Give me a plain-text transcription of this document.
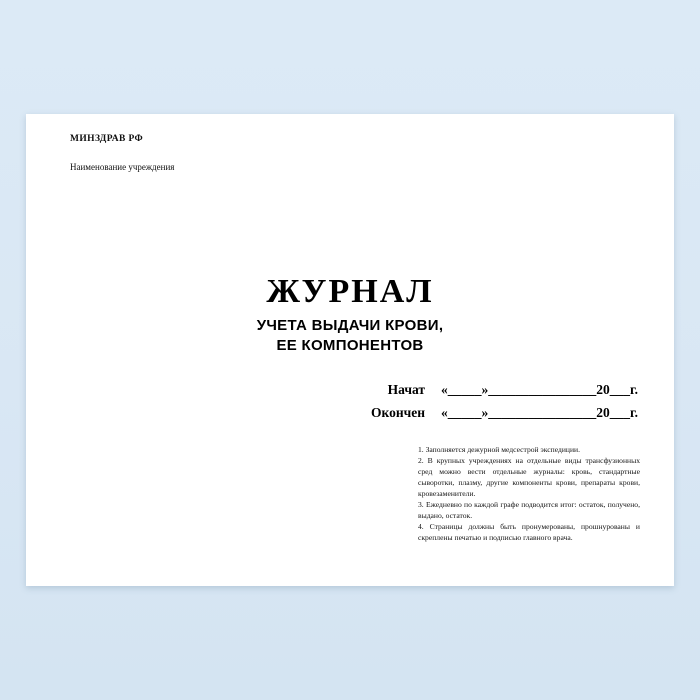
МИНЗДРАВ РФ
Наименование учреждения
ЖУРНАЛ
УЧЕТА ВЫДАЧИ КРОВИ,
ЕЕ КОМПОНЕНТОВ
Начат «_____»________________20___г.
Окончен «_____»________________20___г.

1. Заполняется дежурной медсестрой экспедиции.

2. В крупных учреждениях на отдельные виды трансфузионных сред можно вести отдельные журналы: кровь, стандартные сыворотки, плазму, другие компоненты крови, препараты крови, кровезаменители.

3. Ежедневно по каждой графе подводится итог: остаток, получено, выдано, остаток.

4. Страницы должны быть пронумерованы, прошнурованы и скреплены печатью и подписью главного врача.
